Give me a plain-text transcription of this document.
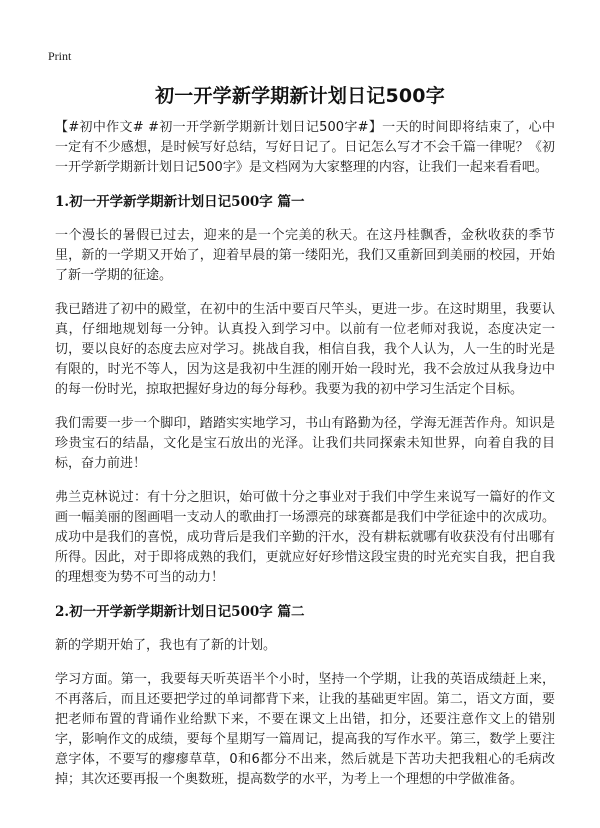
Print
初一开学新学期新计划日记500字

【#初中作文# #初一开学新学期新计划日记500字#】一天的时间即将结束了，心中一定有不少感想，是时候写好总结，写好日记了。日记怎么写才不会千篇一律呢？《初一开学新学期新计划日记500字》是文档网为大家整理的内容，让我们一起来看看吧。

1.初一开学新学期新计划日记500字 篇一

一个漫长的暑假已过去，迎来的是一个完美的秋天。在这丹桂飘香，金秋收获的季节里，新的一学期又开始了，迎着早晨的第一缕阳光，我们又重新回到美丽的校园，开始了新一学期的征途。

我已踏进了初中的殿堂，在初中的生活中要百尺竿头，更进一步。在这时期里，我要认真，仔细地规划每一分钟。认真投入到学习中。以前有一位老师对我说，态度决定一切，要以良好的态度去应对学习。挑战自我，相信自我，我个人认为，人一生的时光是有限的，时光不等人，因为这是我初中生涯的刚开始一段时光，我不会放过从我身边中的每一份时光，掠取把握好身边的每分每秒。我要为我的初中学习生活定个目标。

我们需要一步一个脚印，踏踏实实地学习，书山有路勤为径，学海无涯苦作舟。知识是珍贵宝石的结晶，文化是宝石放出的光泽。让我们共同探索未知世界，向着自我的目标，奋力前进！

弗兰克林说过：有十分之胆识，始可做十分之事业对于我们中学生来说写一篇好的作文画一幅美丽的图画唱一支动人的歌曲打一场漂亮的球赛都是我们中学征途中的次成功。成功中是我们的喜悦，成功背后是我们辛勤的汗水，没有耕耘就哪有收获没有付出哪有所得。因此，对于即将成熟的我们，更就应好好珍惜这段宝贵的时光充实自我，把自我的理想变为势不可当的动力！

2.初一开学新学期新计划日记500字 篇二

新的学期开始了，我也有了新的计划。

学习方面。第一，我要每天听英语半个小时，坚持一个学期，让我的英语成绩赶上来，不再落后，而且还要把学过的单词都背下来，让我的基础更牢固。第二，语文方面，要把老师布置的背诵作业给默下来，不要在课文上出错，扣分，还要注意作文上的错别字，影响作文的成绩，要每个星期写一篇周记，提高我的写作水平。第三，数学上要注意字体，不要写的瘳瘳草草，0和6都分不出来，然后就是下苦功夫把我粗心的毛病改掉；其次还要再报一个奥数班，提高数学的水平，为考上一个理想的中学做准备。
